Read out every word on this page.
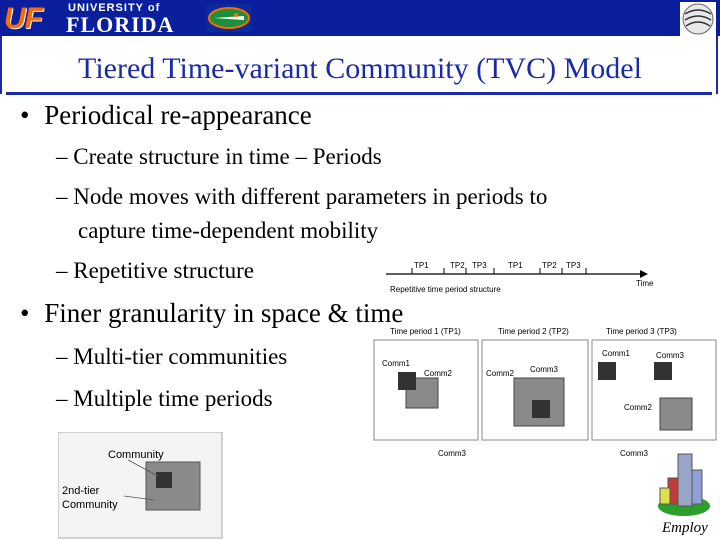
UF UNIVERSITY of
FLORIDA
Tiered Time-variant Community (TVC) Model
• Periodical re-appearance
– Create structure in time – Periods
– Node moves with different parameters in periods to
capture time-dependent mobility
– Repetitive structure
• Finer granularity in space & time
– Multi-tier communities
– Multiple time periods
TP1	TP2 TP3	TP1 TP2 TP3
Time
Repetitive time period structure
Time period 1 (TP1)	Time period 2 (TP2)	Time period 3 (TP3)
Comm1
Comm2
Comm3
Comm2 Comm3
Comm1	Comm3
Comm2
Comm3
Community
2nd-tier
Community
Employ
